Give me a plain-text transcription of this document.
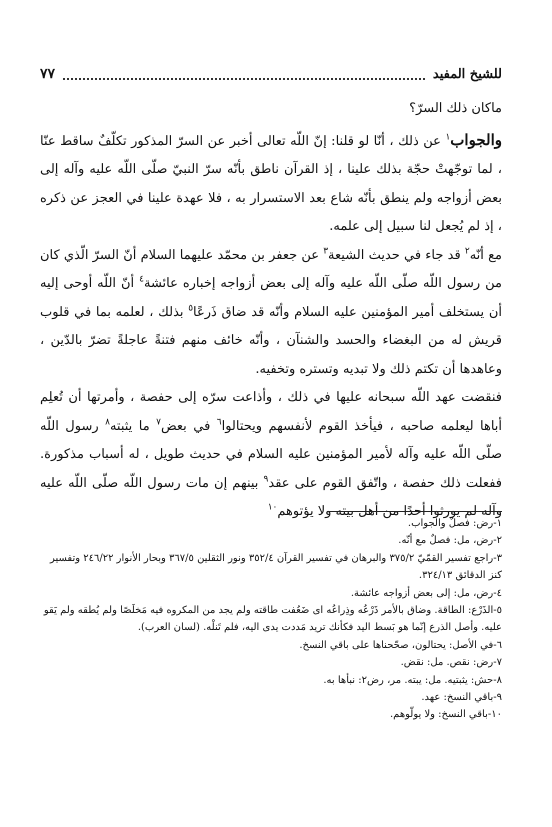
للشيخ المفيد
٧٧

ماكان ذلك السرّ؟

والجواب$^١$ عن ذلك ، أنّا لو قلنا: إنّ اللّه تعالى أخبر عن السرّ المذكور تكلّفٌ ساقط عنّا ، لما توجّهتْ حجّة بذلك علينا ، إذ القرآن ناطق بأنّه سرّ النبيّ صلّى اللّه عليه وآله إلى بعض أزواجه ولم ينطق بأنّه شاع بعد الاستسرار به ، فلا عهدة علينا في العجز عن ذكره ، إذ لم يُجعل لنا سبيل إلى علمه.

مع أنّه$^٢$ قد جاء في حديث الشيعة$^٣$ عن جعفر بن محمّد عليهما السلام أنّ السرّ الّذي كان من رسول اللّه صلّى اللّه عليه وآله إلى بعض أزواجه إخباره عائشة$^٤$ أنّ اللّه أوحى إليه أن يستخلف أمير المؤمنين عليه السلام وأنّه قد ضاق ذَرعًا$^٥$ بذلك ، لعلمه بما في قلوب قريش له من البغضاء والحسد والشنآن ، وأنّه خائف منهم فتنةً عاجلةً تضرّ بالدّين ، وعاهدها أن تكتم ذلك ولا تبديه وتستره وتخفيه.

فنقضت عهد اللّه سبحانه عليها في ذلك ، وأذاعت سرّه إلى حفصة ، وأمرتها أن تُعلِم أباها ليعلمه صاحبه ، فيأخذ القوم لأنفسهم ويحتالوا$^٦$ في بعض$^٧$ ما يثبته$^٨$ رسول اللّه صلّى اللّه عليه وآله لأمير المؤمنين عليه السلام في حديث طويل ، له أسباب مذكورة. ففعلت ذلك حفصة ، واتّفق القوم على عقد$^٩$ بينهم إن مات رسول اللّه صلّى اللّه عليه وآله لم يورثوا أحدًا من أهل بيته ولا يؤتوهم$^{١٠}$

١-رض: فصلٌ والجواب.

٢-رض، مل: فصلٌ مع أنّه.

٣-راجع تفسير القمّيّ ٣٧٥/٢ والبرهان في تفسير القرآن ٣٥٢/٤ ونور الثقلين ٣٦٧/٥ وبحار الأنوار ٢٤٦/٢٢ وتفسير كنز الدقائق ٣٢٤/١٣.

٤-رض، مل: إلى بعض أزواجه عائشة.

٥-الذَرْع: الطاقة. وضاق بالأمر ذَرْعُه وذِراعُه اى ضَعُفت طاقته ولم يجد من المكروه فيه مَخلَصًا ولم يُطقه ولم يَقو عليه. وأصل الذرع إنّما هو بَسط اليد فكأنك تريد مَددت يدى اليه، فلم تَنلْه. (لسان العرب).

٦-في الأصل: يحتالون، صحّحناها على باقي النسخ.

٧-رض: نقص. مل: نقض.

٨-حش: يثبتيه. مل: يبته. مر، رض٢: نبأها به.

٩-باقي النسخ: عهد.

١٠-باقي النسخ: ولا يولّوهم.
